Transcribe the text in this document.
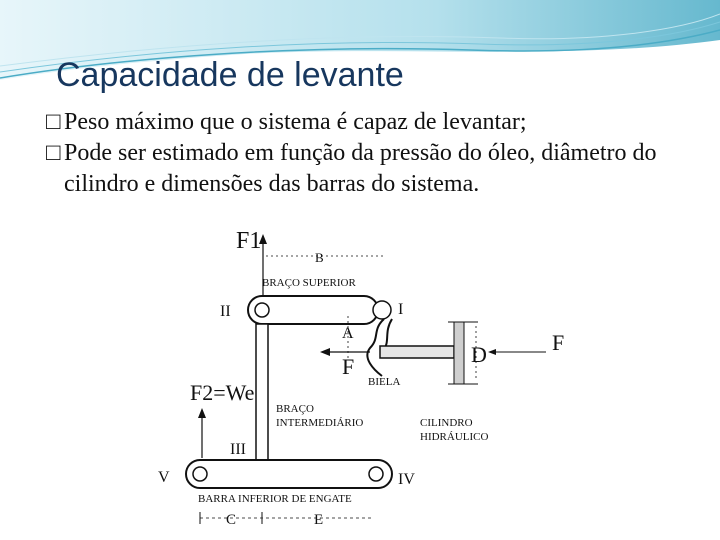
Capacidade de levante
□ Peso máximo que o sistema é capaz de levantar;
□ Pode ser estimado em função da pressão do óleo, diâmetro do cilindro e dimensões das barras do sistema.
F1
B
BRAÇO SUPERIOR
II	I
A
D	F
F
BIELA
BRAÇO
INTERMEDIÁRIO	CILINDRO
HIDRÁULICO
F2=We
III
V	IV
BARRA INFERIOR DE ENGATE
C	E
